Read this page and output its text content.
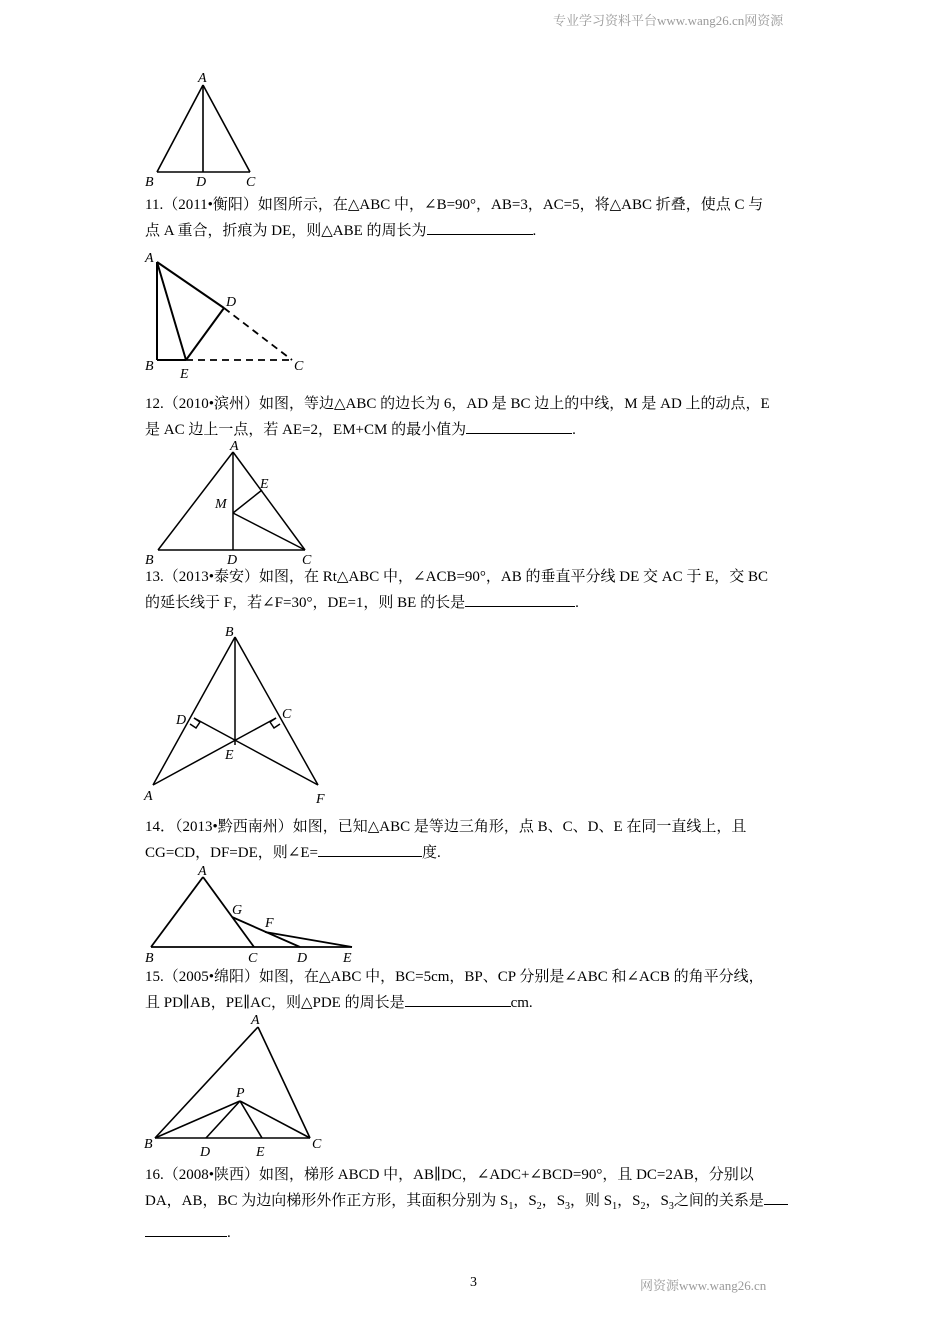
专业学习资料平台www.wang26.cn网资源
A
B	D	C

11.（2011•衡阳）如图所示，在△ABC 中，∠B=90°，AB=3，AC=5，将△ABC 折叠，使点 C 与

点 A 重合，折痕为 DE，则△ABE 的周长为	.

A
D
B
E
C

12.（2010•滨州）如图，等边△ABC 的边长为 6，AD 是 BC 边上的中线，M 是 AD 上的动点，E

是 AC 边上一点，若 AE=2，EM+CM 的最小值为	.

A
E
M
B	D	C

13.（2013•泰安）如图，在 Rt△ABC 中，∠ACB=90°，AB 的垂直平分线 DE 交 AC 于 E，交 BC

的延长线于 F，若∠F=30°，DE=1，则 BE 的长是	.

B
D	C
E
A	F

14．（2013•黔西南州）如图，已知△ABC 是等边三角形，点 B、C、D、E 在同一直线上，且

CG=CD，DF=DE，则∠E=	度.

A
G
F
B	C	D	E

15.（2005•绵阳）如图，在△ABC 中，BC=5cm，BP、CP 分别是∠ABC 和∠ACB 的角平分线，

且 PD∥AB，PE∥AC，则△PDE 的周长是	cm.

A
P
B
D	E
C

16.（2008•陕西）如图，梯形 ABCD 中，AB∥DC，∠ADC+∠BCD=90°，且 DC=2AB，分别以

DA，AB，BC 为边向梯形外作正方形，其面积分别为 $S_1$，$S_2$，$S_3$，则 $S_1$，$S_2$，$S_3$之间的关系是

.

3	网资源www.wang26.cn
